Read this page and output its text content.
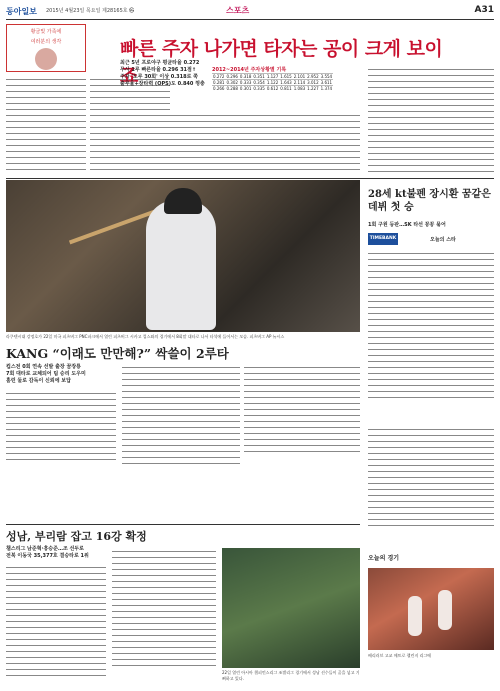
동아일보 2015년 4월23일 목요일 제28165호 ㉿	스포츠	A31
황금빛 가족에
여러분의 생각	빠른 주자 나가면 타자는 공이 크게 보이죠
최근 5년 프로야구 평균타율 0.272
무사 1루 빠른타율 0.296 31점↑
주자 '도루 30회' 이상 0.318로 쭉
출루율+장타력 (OPS)도 0.840 껑충
2012~2014년 주자상황별 기록
0.272	0.296	0.318	0.351	1.127	1.615	2.101	2.952	3.554
0.281	0.302	0.333	0.354	1.122	1.643	2.114	3.012	3.611
0.266	0.288	0.301	0.335	0.612	0.811	1.083	1.227	1.374
라쿠텐시대 강정호가 22일 미국 피츠버그 PNC파크에서 열린 피츠버그 시카고 컵스와의 경기에서 8회말 대타로 나서 타석에 들어서는 모습. 피츠버그 AP 뉴시스
KANG “이래도 만만해?” 싹쓸이 2루타
컵스전 0회 연속 선발 출장 꿈장룡
7회 대타로 교체되어 팀 승리 도우미
홈런 둘로 감독이 신뢰에 보답
28세 kt불펜 장시환 꿈같은 데뷔 첫 승
1회 구원 등판…SK 타선 꽁꽁 묶어
TIMEBANK	오늘의 스타
성남, 부리람 잡고 16강 확정
챔스리그 남준혁·흥승준…조 선두로
전북 이동국 35,377호 결승타로 1위
22일 열린 아시아 챔피언스리그 조별리그 경기에서 성남 선수들이 골을 넣고 기뻐하고 있다.
오늘의 경기
배리러브 고교 메트로 챌린지 리그에
